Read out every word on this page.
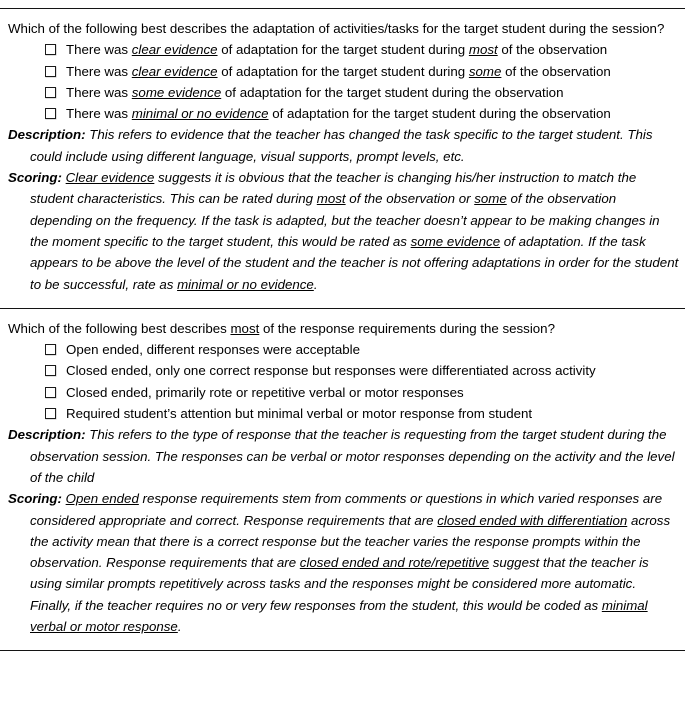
Which of the following best describes the adaptation of activities/tasks for the target student during the session?

There was clear evidence of adaptation for the target student during most of the observation
There was clear evidence of adaptation for the target student during some of the observation
There was some evidence of adaptation for the target student during the observation
There was minimal or no evidence of adaptation for the target student during the observation

Description: This refers to evidence that the teacher has changed the task specific to the target student. This could include using different language, visual supports, prompt levels, etc.

Scoring: Clear evidence suggests it is obvious that the teacher is changing his/her instruction to match the student characteristics. This can be rated during most of the observation or some of the observation depending on the frequency. If the task is adapted, but the teacher doesn’t appear to be making changes in the moment specific to the target student, this would be rated as some evidence of adaptation. If the task appears to be above the level of the student and the teacher is not offering adaptations in order for the student to be successful, rate as minimal or no evidence.

Which of the following best describes most of the response requirements during the session?

Open ended, different responses were acceptable
Closed ended, only one correct response but responses were differentiated across activity
Closed ended, primarily rote or repetitive verbal or motor responses
Required student’s attention but minimal verbal or motor response from student

Description: This refers to the type of response that the teacher is requesting from the target student during the observation session. The responses can be verbal or motor responses depending on the activity and the level of the child

Scoring: Open ended response requirements stem from comments or questions in which varied responses are considered appropriate and correct. Response requirements that are closed ended with differentiation across the activity mean that there is a correct response but the teacher varies the response prompts within the observation. Response requirements that are closed ended and rote/repetitive suggest that the teacher is using similar prompts repetitively across tasks and the responses might be considered more automatic. Finally, if the teacher requires no or very few responses from the student, this would be coded as minimal verbal or motor response.
